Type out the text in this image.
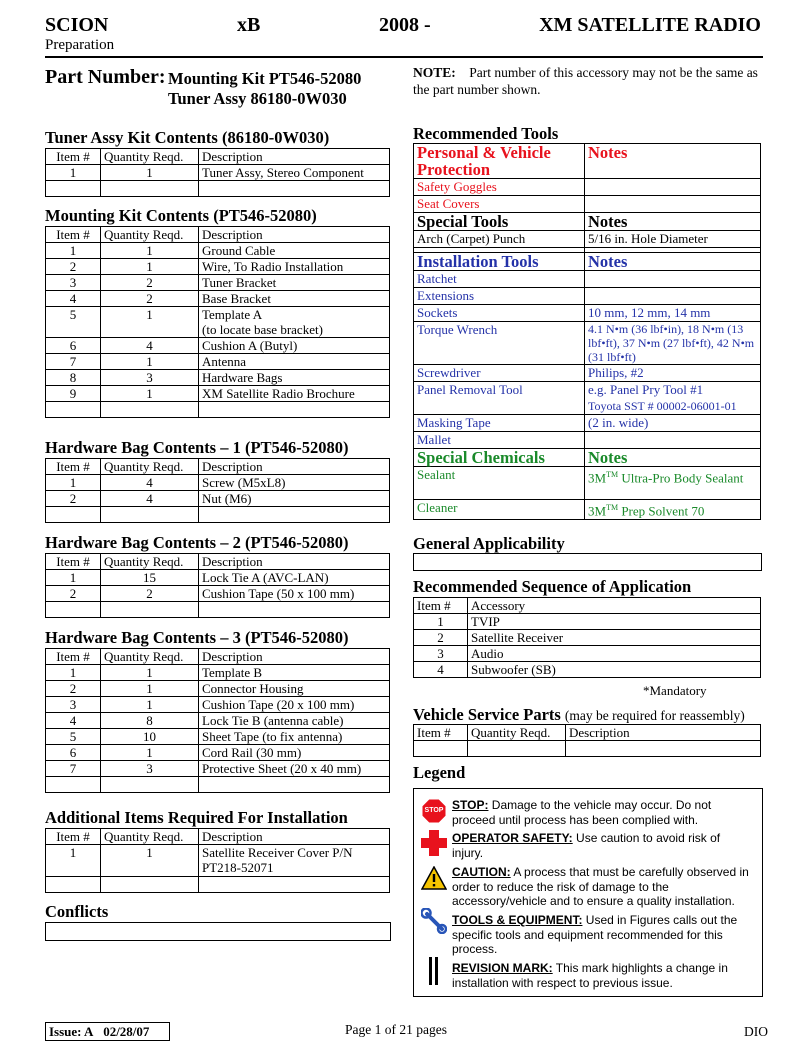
SCION	xB	2008 -	XM SATELLITE RADIO
Preparation
Part Number: Mounting Kit PT546-52080
Tuner Assy 86180-0W030
NOTE: Part number of this accessory may not be the same as the part number shown.
Tuner Assy Kit Contents (86180-0W030)
Item #	Quantity Reqd.	Description
1	1	Tuner Assy, Stereo Component

Mounting Kit Contents (PT546-52080)
Item #	Quantity Reqd.	Description
1	1	Ground Cable
2	1	Wire, To Radio Installation
3	2	Tuner Bracket
4	2	Base Bracket
5	1	Template A
		(to locate base bracket)
6	4	Cushion A (Butyl)
7	1	Antenna
8	3	Hardware Bags
9	1	XM Satellite Radio Brochure

Hardware Bag Contents – 1 (PT546-52080)
Item #	Quantity Reqd.	Description
1	4	Screw (M5xL8)
2	4	Nut (M6)

Hardware Bag Contents – 2 (PT546-52080)
Item #	Quantity Reqd.	Description
1	15	Lock Tie A (AVC-LAN)
2	2	Cushion Tape (50 x 100 mm)

Hardware Bag Contents – 3 (PT546-52080)
Item #	Quantity Reqd.	Description
1	1	Template B
2	1	Connector Housing
3	1	Cushion Tape (20 x 100 mm)
4	8	Lock Tie B (antenna cable)
5	10	Sheet Tape (to fix antenna)
6	1	Cord Rail (30 mm)
7	3	Protective Sheet (20 x 40 mm)

Additional Items Required For Installation
Item #	Quantity Reqd.	Description
1	1	Satellite Receiver Cover P/N PT218-52071

Conflicts
Recommended Tools
Personal & Vehicle Protection	Notes
Safety Goggles	
Seat Covers	
Special Tools	Notes
Arch (Carpet) Punch	5/16 in. Hole Diameter

Installation Tools	Notes
Ratchet	
Extensions	
Sockets	10 mm, 12 mm, 14 mm
Torque Wrench	4.1 N•m (36 lbf•in), 18 N•m (13 lbf•ft), 37 N•m (27 lbf•ft), 42 N•m (31 lbf•ft)
Screwdriver	Philips, #2
Panel Removal Tool	e.g. Panel Pry Tool #1
	Toyota SST # 00002-06001-01
Masking Tape	(2 in. wide)
Mallet	
Special Chemicals	Notes
Sealant	3M™ Ultra-Pro Body Sealant
Cleaner	3M™ Prep Solvent 70
General Applicability
Recommended Sequence of Application
Item #	Accessory
1	TVIP
2	Satellite Receiver
3	Audio
4	Subwoofer (SB)
*Mandatory
Vehicle Service Parts (may be required for reassembly)
Item #	Quantity Reqd.	Description

Legend
STOP STOP: Damage to the vehicle may occur. Do not proceed until process has been complied with.
OPERATOR SAFETY: Use caution to avoid risk of injury.
CAUTION: A process that must be carefully observed in order to reduce the risk of damage to the accessory/vehicle and to ensure a quality installation.
TOOLS & EQUIPMENT: Used in Figures calls out the specific tools and equipment recommended for this process.
REVISION MARK: This mark highlights a change in installation with respect to previous issue.
Issue: A 02/28/07	Page 1 of 21 pages	DIO
